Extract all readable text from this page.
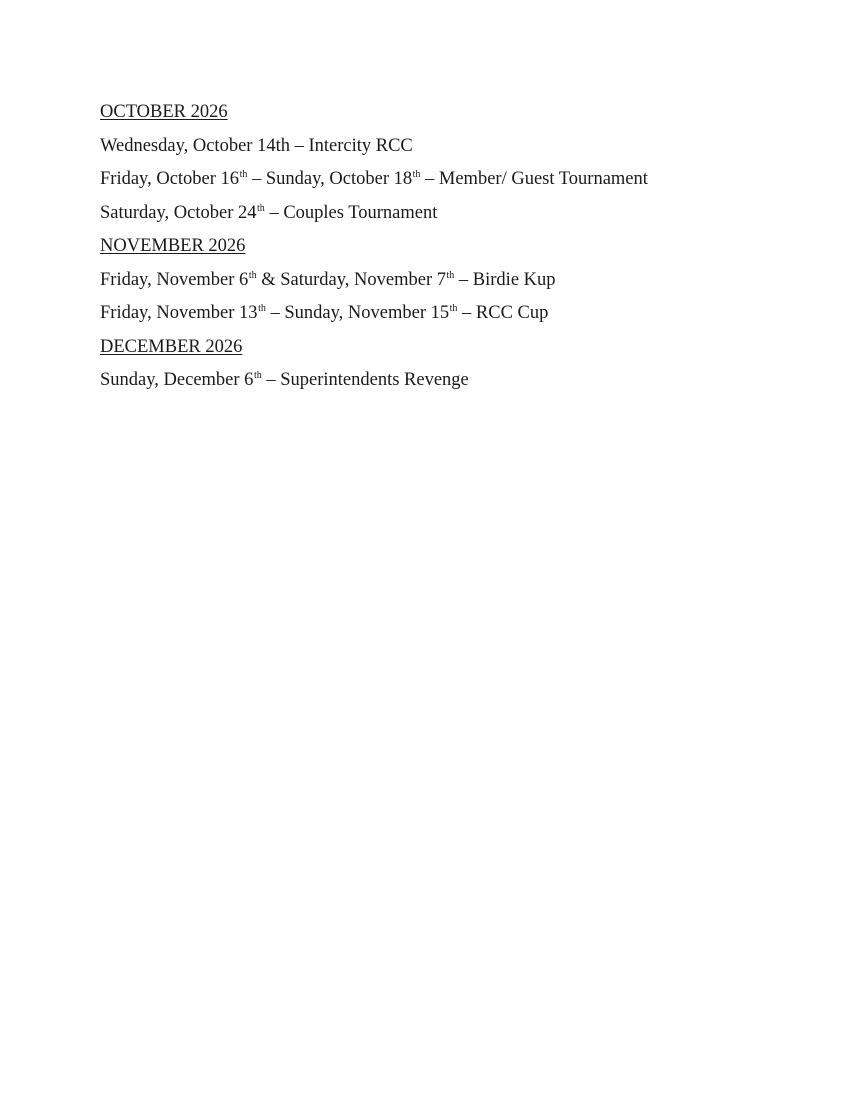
OCTOBER 2026
Wednesday, October 14th – Intercity RCC
Friday, October 16th – Sunday, October 18th – Member/ Guest Tournament
Saturday, October 24th – Couples Tournament
NOVEMBER 2026
Friday, November 6th & Saturday, November 7th – Birdie Kup
Friday, November 13th – Sunday, November 15th – RCC Cup
DECEMBER 2026
Sunday, December 6th – Superintendents Revenge
